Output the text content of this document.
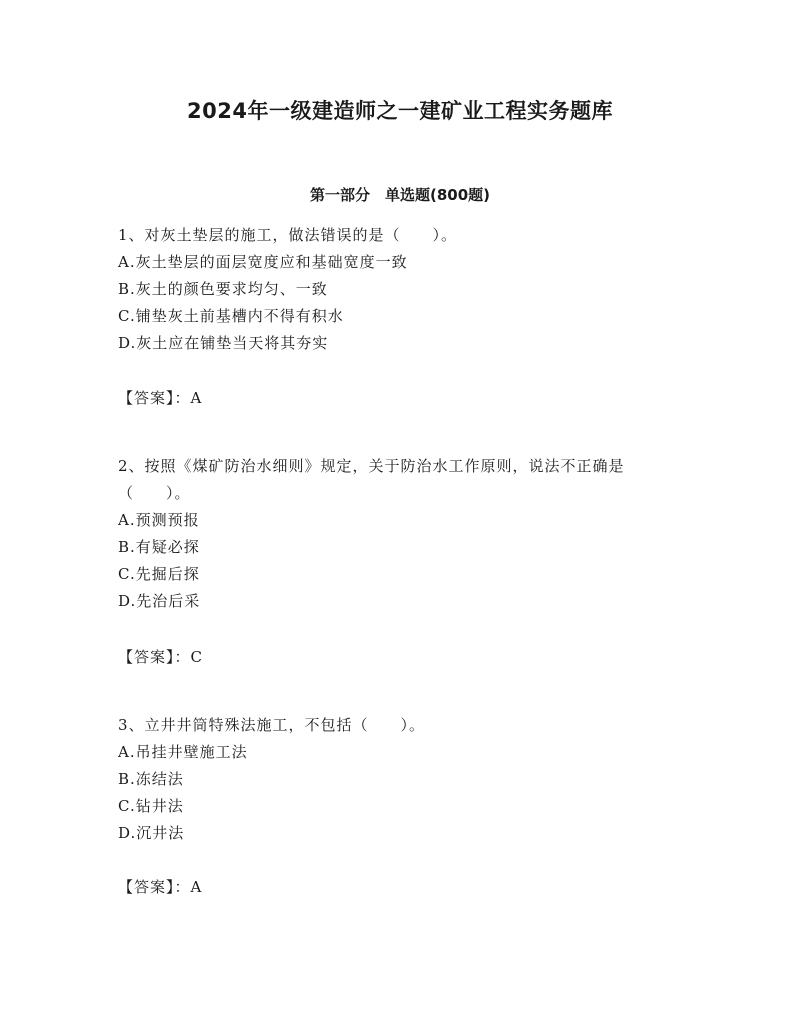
2024年一级建造师之一建矿业工程实务题库
第一部分　单选题(800题)

1、对灰土垫层的施工，做法错误的是（　　）。

A.灰土垫层的面层宽度应和基础宽度一致

B.灰土的颜色要求均匀、一致

C.铺垫灰土前基槽内不得有积水

D.灰土应在铺垫当天将其夯实

【答案】：A

2、按照《煤矿防治水细则》规定，关于防治水工作原则，说法不正确是（　　）。

A.预测预报

B.有疑必探

C.先掘后探

D.先治后采

【答案】：C

3、立井井筒特殊法施工，不包括（　　）。

A.吊挂井壁施工法

B.冻结法

C.钻井法

D.沉井法

【答案】：A
